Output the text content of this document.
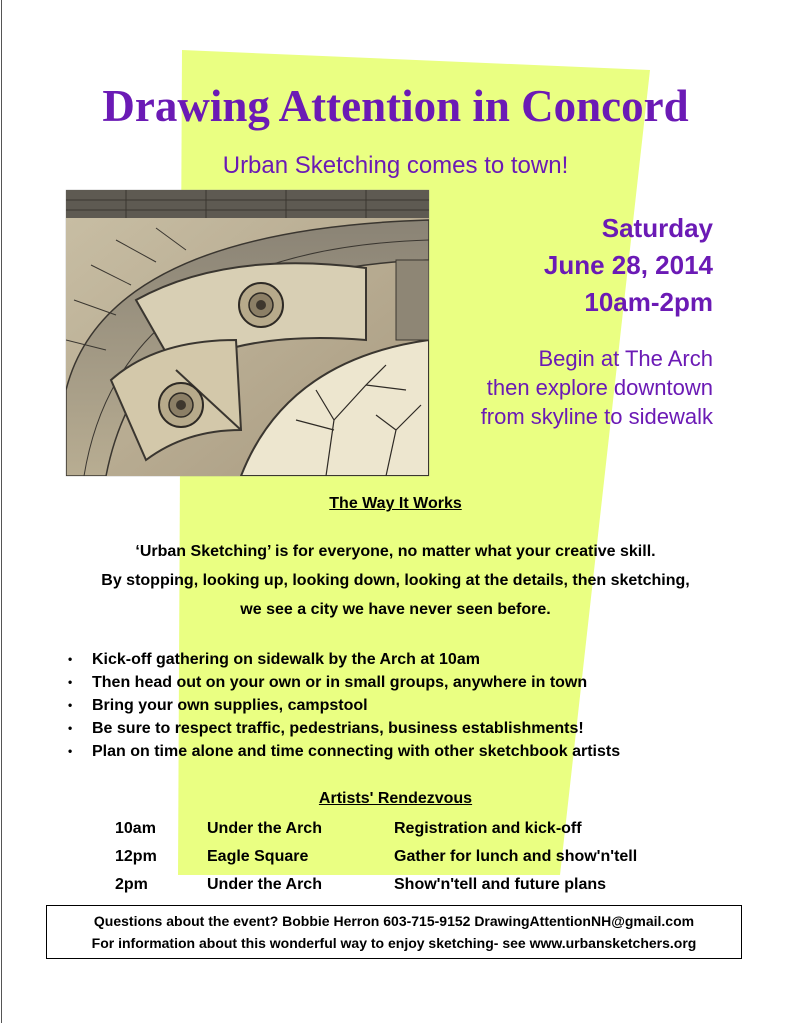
Drawing Attention in Concord
Urban Sketching comes to town!
Saturday
June 28, 2014
10am-2pm
Begin at The Arch
then explore downtown
from skyline to sidewalk
The Way It Works
‘Urban Sketching’ is for everyone, no matter what your creative skill.
By stopping, looking up, looking down, looking at the details, then sketching,
we see a city we have never seen before.
• Kick-off gathering on sidewalk by the Arch at 10am
• Then head out on your own or in small groups, anywhere in town
• Bring your own supplies, campstool
• Be sure to respect traffic, pedestrians, business establishments!
• Plan on time alone and time connecting with other sketchbook artists
Artists' Rendezvous
10am	Under the Arch	Registration and kick-off
12pm	Eagle Square	Gather for lunch and show'n'tell
2pm	Under the Arch	Show'n'tell and future plans
Questions about the event? Bobbie Herron 603-715-9152 DrawingAttentionNH@gmail.com
For information about this wonderful way to enjoy sketching- see www.urbansketchers.org
